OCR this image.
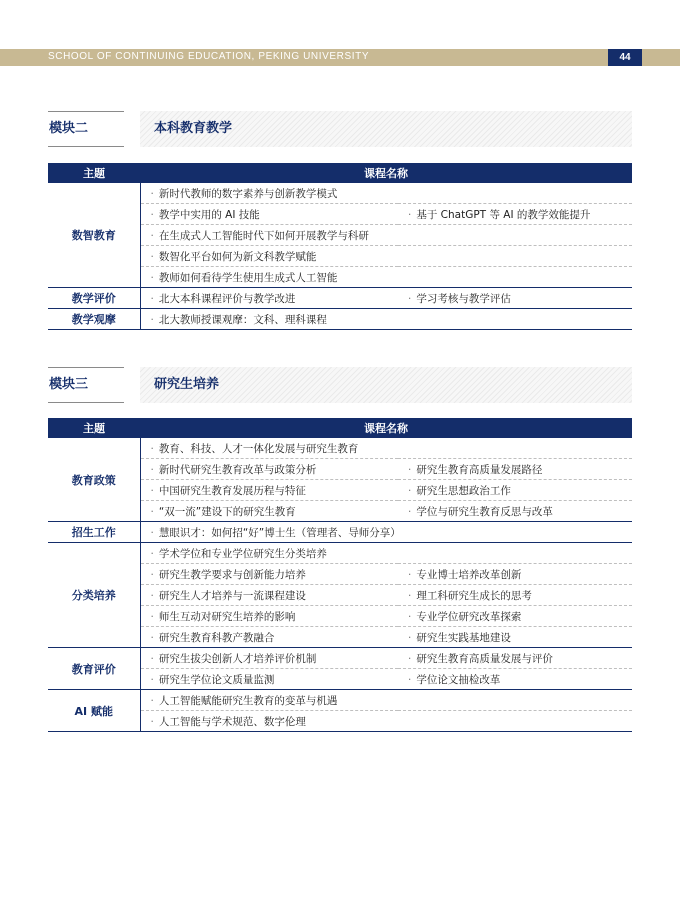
SCHOOL OF CONTINUING EDUCATION, PEKING UNIVERSITY	44
模块二	本科教育教学
主题	课程名称	
数智教育	· 新时代教师的数字素养与创新教学模式	
	· 教学中实用的 AI 技能	· 基于 ChatGPT 等 AI 的教学效能提升
	· 在生成式人工智能时代下如何开展教学与科研	
	· 数智化平台如何为新文科教学赋能	
	· 教师如何看待学生使用生成式人工智能	
教学评价	· 北大本科课程评价与教学改进	· 学习考核与教学评估
教学观摩	· 北大教师授课观摩：文科、理科课程	
模块三	研究生培养
主题	课程名称	
教育政策	· 教育、科技、人才一体化发展与研究生教育	
	· 新时代研究生教育改革与政策分析	· 研究生教育高质量发展路径
	· 中国研究生教育发展历程与特征	· 研究生思想政治工作
	· “双一流”建设下的研究生教育	· 学位与研究生教育反思与改革
招生工作	· 慧眼识才：如何招“好”博士生（管理者、导师分享）	
分类培养	· 学术学位和专业学位研究生分类培养	
	· 研究生教学要求与创新能力培养	· 专业博士培养改革创新
	· 研究生人才培养与一流课程建设	· 理工科研究生成长的思考
	· 师生互动对研究生培养的影响	· 专业学位研究改革探索
	· 研究生教育科教产教融合	· 研究生实践基地建设
教育评价	· 研究生拔尖创新人才培养评价机制	· 研究生教育高质量发展与评价
	· 研究生学位论文质量监测	· 学位论文抽检改革
AI 赋能	· 人工智能赋能研究生教育的变革与机遇	
	· 人工智能与学术规范、数字伦理	
